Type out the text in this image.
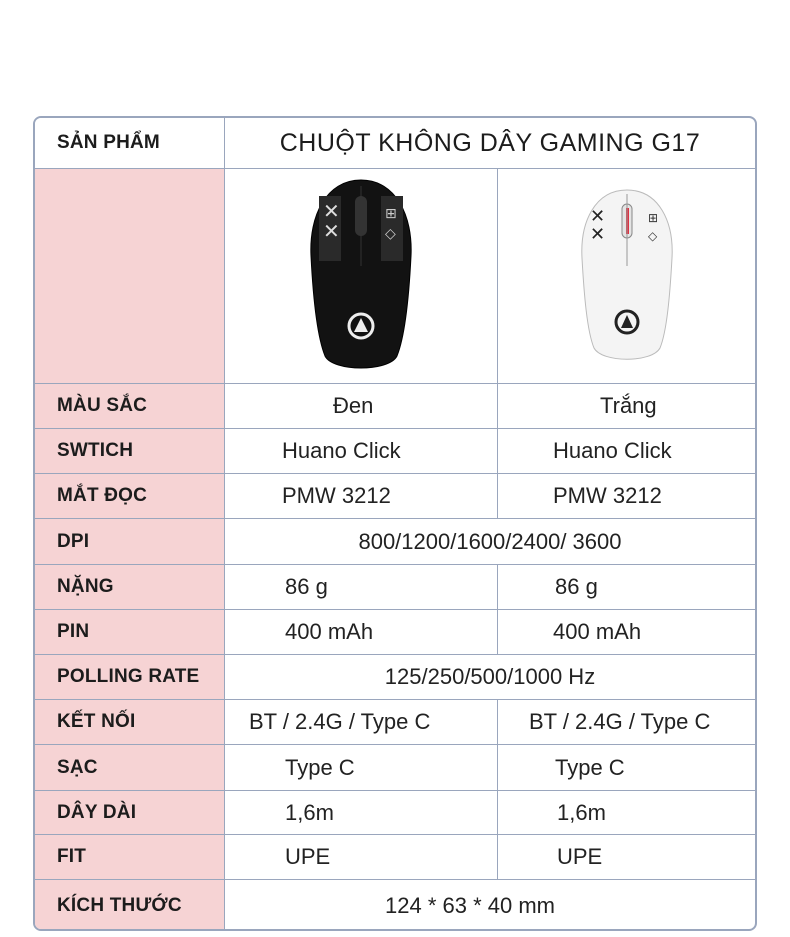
SẢN PHẨM	CHUỘT KHÔNG DÂY GAMING G17
✕
✕
⊞
◇
✕
✕
⊞
◇
MÀU SẮC	Đen	Trắng
SWTICH	Huano Click	Huano Click
MẮT ĐỌC	PMW 3212	PMW 3212
DPI	800/1200/1600/2400/ 3600
NẶNG	86 g	86 g
PIN	400 mAh	400 mAh
POLLING RATE	125/250/500/1000 Hz
KẾT NỐI	BT / 2.4G / Type C	BT / 2.4G / Type C
SẠC	Type C	Type C
DÂY DÀI	1,6m	1,6m
FIT	UPE	UPE
KÍCH THƯỚC	124 * 63 * 40 mm
